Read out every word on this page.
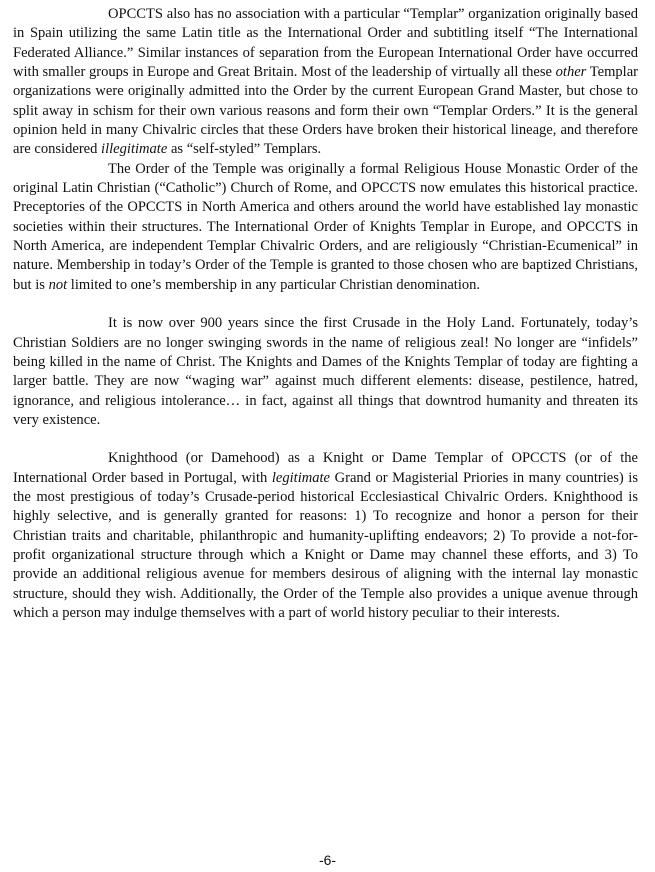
OPCCTS also has no association with a particular “Templar” organization originally based in Spain utilizing the same Latin title as the International Order and subtitling itself “The International Federated Alliance.” Similar instances of separation from the European International Order have occurred with smaller groups in Europe and Great Britain. Most of the leadership of virtually all these other Templar organizations were originally admitted into the Order by the current European Grand Master, but chose to split away in schism for their own various reasons and form their own “Templar Orders.” It is the general opinion held in many Chivalric circles that these Orders have broken their historical lineage, and therefore are considered illegitimate as “self-styled” Templars.

The Order of the Temple was originally a formal Religious House Monastic Order of the original Latin Christian (“Catholic”) Church of Rome, and OPCCTS now emulates this historical practice. Preceptories of the OPCCTS in North America and others around the world have established lay monastic societies within their structures. The International Order of Knights Templar in Europe, and OPCCTS in North America, are independent Templar Chivalric Orders, and are religiously “Christian-Ecumenical” in nature. Membership in today’s Order of the Temple is granted to those chosen who are baptized Christians, but is not limited to one’s membership in any particular Christian denomination.

It is now over 900 years since the first Crusade in the Holy Land. Fortunately, today’s Christian Soldiers are no longer swinging swords in the name of religious zeal! No longer are “infidels” being killed in the name of Christ. The Knights and Dames of the Knights Templar of today are fighting a larger battle. They are now “waging war” against much different elements: disease, pestilence, hatred, ignorance, and religious intolerance… in fact, against all things that downtrod humanity and threaten its very existence.

Knighthood (or Damehood) as a Knight or Dame Templar of OPCCTS (or of the International Order based in Portugal, with legitimate Grand or Magisterial Priories in many countries) is the most prestigious of today’s Crusade-period historical Ecclesiastical Chivalric Orders. Knighthood is highly selective, and is generally granted for reasons: 1) To recognize and honor a person for their Christian traits and charitable, philanthropic and humanity-uplifting endeavors; 2) To provide a not-for-profit organizational structure through which a Knight or Dame may channel these efforts, and 3) To provide an additional religious avenue for members desirous of aligning with the internal lay monastic structure, should they wish. Additionally, the Order of the Temple also provides a unique avenue through which a person may indulge themselves with a part of world history peculiar to their interests.

-6-
